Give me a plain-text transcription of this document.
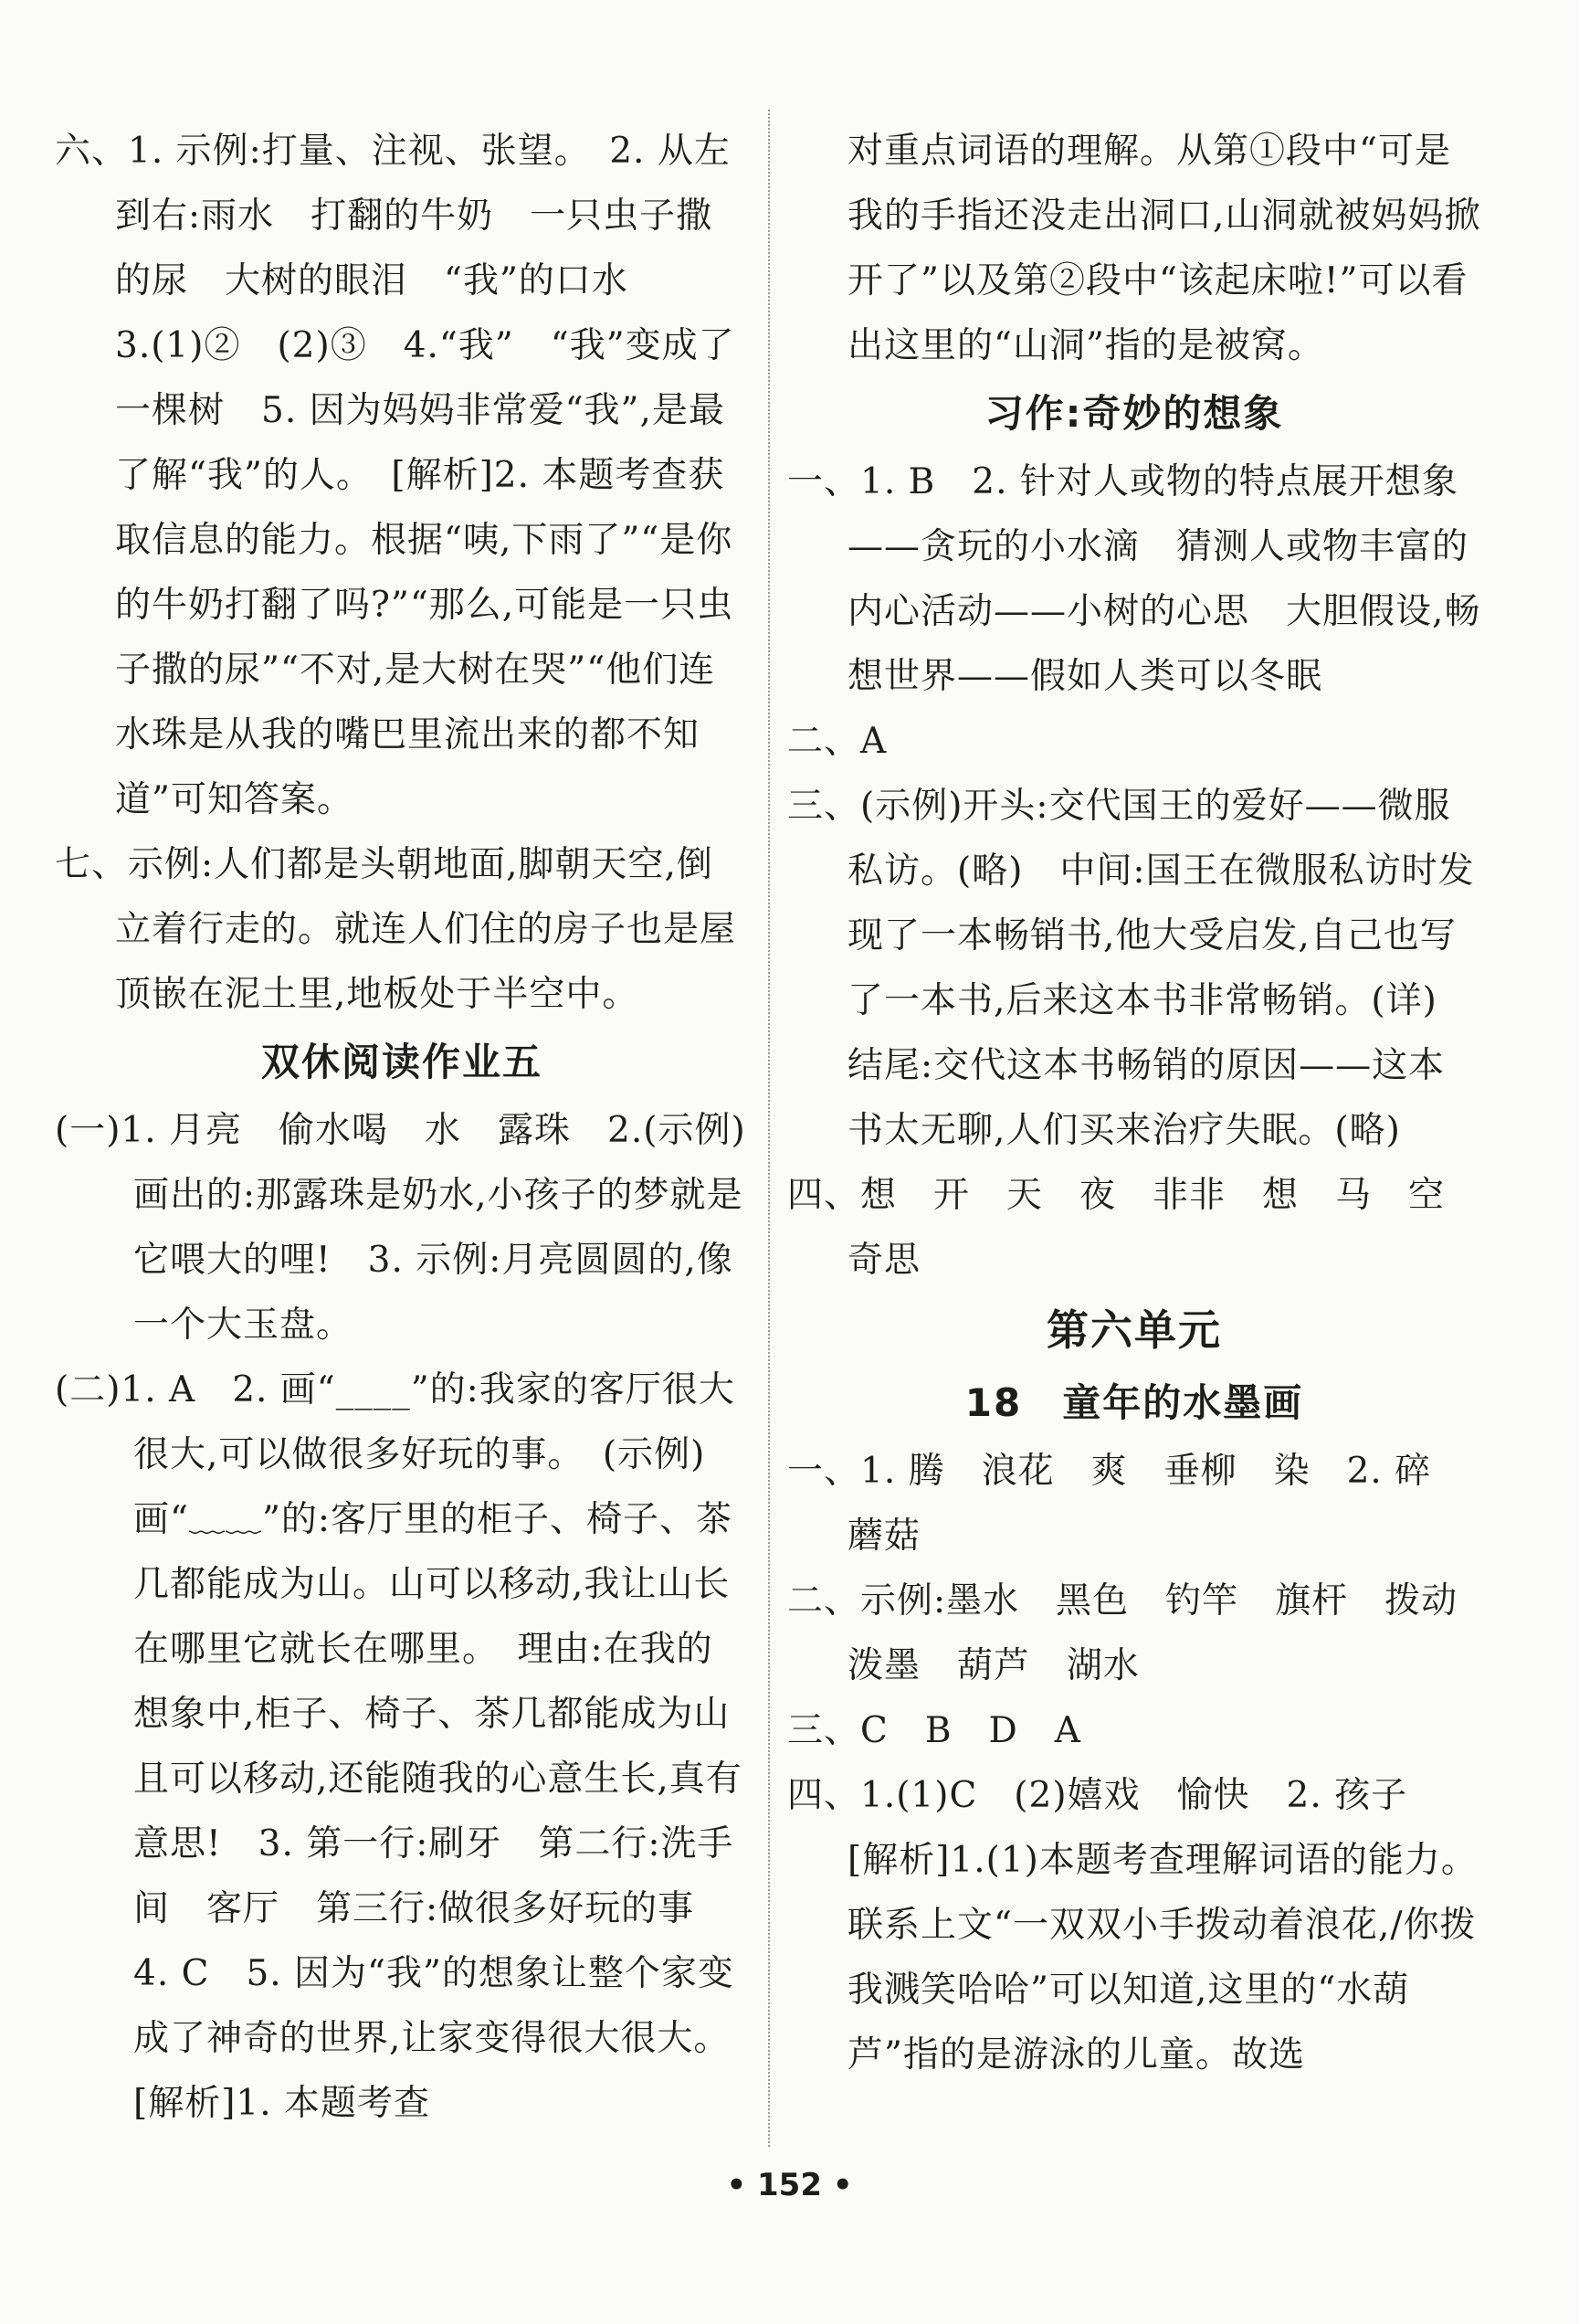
六、1. 示例:打量、注视、张望。　2. 从左到右:雨水　打翻的牛奶　一只虫子撒的尿　大树的眼泪　“我”的口水

3.(1)②　(2)③　4.“我”　“我”变成了一棵树　5. 因为妈妈非常爱“我”,是最了解“我”的人。　[解析]2. 本题考查获取信息的能力。根据“咦,下雨了”“是你的牛奶打翻了吗?”“那么,可能是一只虫子撒的尿”“不对,是大树在哭”“他们连水珠是从我的嘴巴里流出来的都不知道”可知答案。

七、示例:人们都是头朝地面,脚朝天空,倒立着行走的。就连人们住的房子也是屋顶嵌在泥土里,地板处于半空中。

双休阅读作业五

(一)1. 月亮　偷水喝　水　露珠　2.(示例)画出的:那露珠是奶水,小孩子的梦就是它喂大的哩!　3. 示例:月亮圆圆的,像一个大玉盘。

(二)1. A　2. 画“____”的:我家的客厅很大很大,可以做很多好玩的事。　(示例)画“﹏﹏”的:客厅里的柜子、椅子、茶几都能成为山。山可以移动,我让山长在哪里它就长在哪里。　理由:在我的想象中,柜子、椅子、茶几都能成为山且可以移动,还能随我的心意生长,真有意思!　3. 第一行:刷牙　第二行:洗手间　客厅　第三行:做很多好玩的事　4. C　5. 因为“我”的想象让整个家变成了神奇的世界,让家变得很大很大。　[解析]1. 本题考查

对重点词语的理解。从第①段中“可是我的手指还没走出洞口,山洞就被妈妈掀开了”以及第②段中“该起床啦!”可以看出这里的“山洞”指的是被窝。

习作:奇妙的想象

一、1. B　2. 针对人或物的特点展开想象——贪玩的小水滴　猜测人或物丰富的内心活动——小树的心思　大胆假设,畅想世界——假如人类可以冬眠

二、A

三、(示例)开头:交代国王的爱好——微服私访。(略)　中间:国王在微服私访时发现了一本畅销书,他大受启发,自己也写了一本书,后来这本书非常畅销。(详)　结尾:交代这本书畅销的原因——这本书太无聊,人们买来治疗失眠。(略)

四、想　开　天　夜　非非　想　马　空　奇思

第六单元
18　童年的水墨画

一、1. 腾　浪花　爽　垂柳　染　2. 碎　蘑菇

二、示例:墨水　黑色　钓竿　旗杆　拨动泼墨　葫芦　湖水

三、C　B　D　A

四、1.(1)C　(2)嬉戏　愉快　2. 孩子

[解析]1.(1)本题考查理解词语的能力。联系上文“一双双小手拨动着浪花,/你拨我溅笑哈哈”可以知道,这里的“水葫芦”指的是游泳的儿童。故选

• 152 •
